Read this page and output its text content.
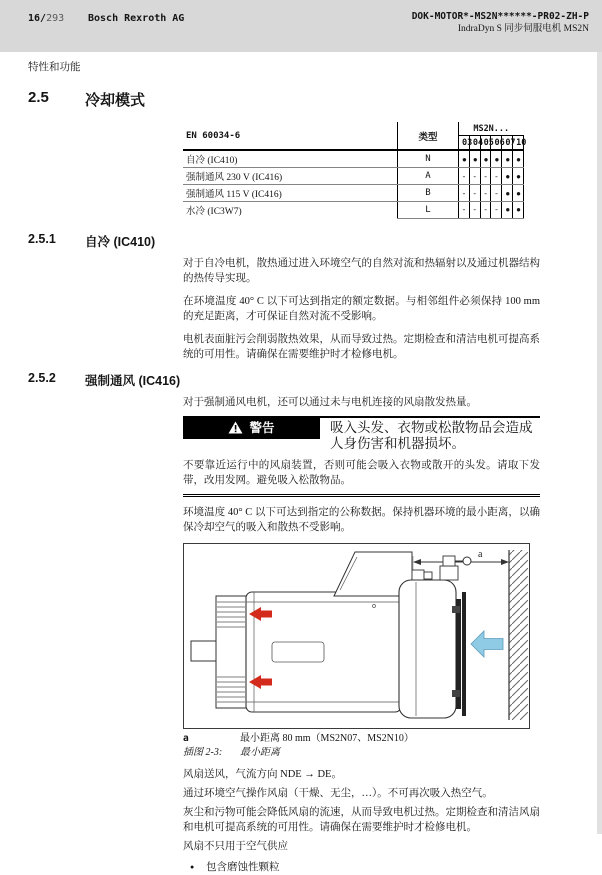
16/293 Bosch Rexroth AG	DOK-MOTOR*-MS2N******-PR02-ZH-P
IndraDyn S 同步伺服电机 MS2N
特性和功能
2.5	冷却模式
EN 60034-6	类型	MS2N...					
		03	04	05	06	07	10
自冷 (IC410)	N	●	●	●	●	●	●
强制通风 230 V (IC416)	A	-	-	-	-	●	●
强制通风 115 V (IC416)	B	-	-	-	-	●	●
水冷 (IC3W7)	L	-	-	-	-	●	●
2.5.1	自冷 (IC410)

对于自冷电机，散热通过进入环境空气的自然对流和热辐射以及通过机器结构的热传导实现。

在环境温度 40° C 以下可达到指定的额定数据。与相邻组件必须保持 100 mm 的充足距离，才可保证自然对流不受影响。

电机表面脏污会削弱散热效果，从而导致过热。定期检查和清洁电机可提高系统的可用性。请确保在需要维护时才检修电机。

2.5.2	强制通风 (IC416)

对于强制通风电机，还可以通过未与电机连接的风扇散发热量。

警告	吸入头发、衣物或松散物品会造成人身伤害和机器损坏。
不要靠近运行中的风扇装置，否则可能会吸入衣物或散开的头发。请取下发带，改用发网。避免吸入松散物品。

环境温度 40° C 以下可达到指定的公称数据。保持机器环境的最小距离，以确保冷却空气的吸入和散热不受影响。

a
a	最小距离 80 mm（MS2N07、MS2N10）
插图 2-3:	最小距离

风扇送风，气流方向 NDE → DE。

通过环境空气操作风扇（干燥、无尘，…）。不可再次吸入热空气。

灰尘和污物可能会降低风扇的流速，从而导致电机过热。定期检查和清洁风扇和电机可提高系统的可用性。请确保在需要维护时才检修电机。

风扇不只用于空气供应

●	包含磨蚀性颗粒
